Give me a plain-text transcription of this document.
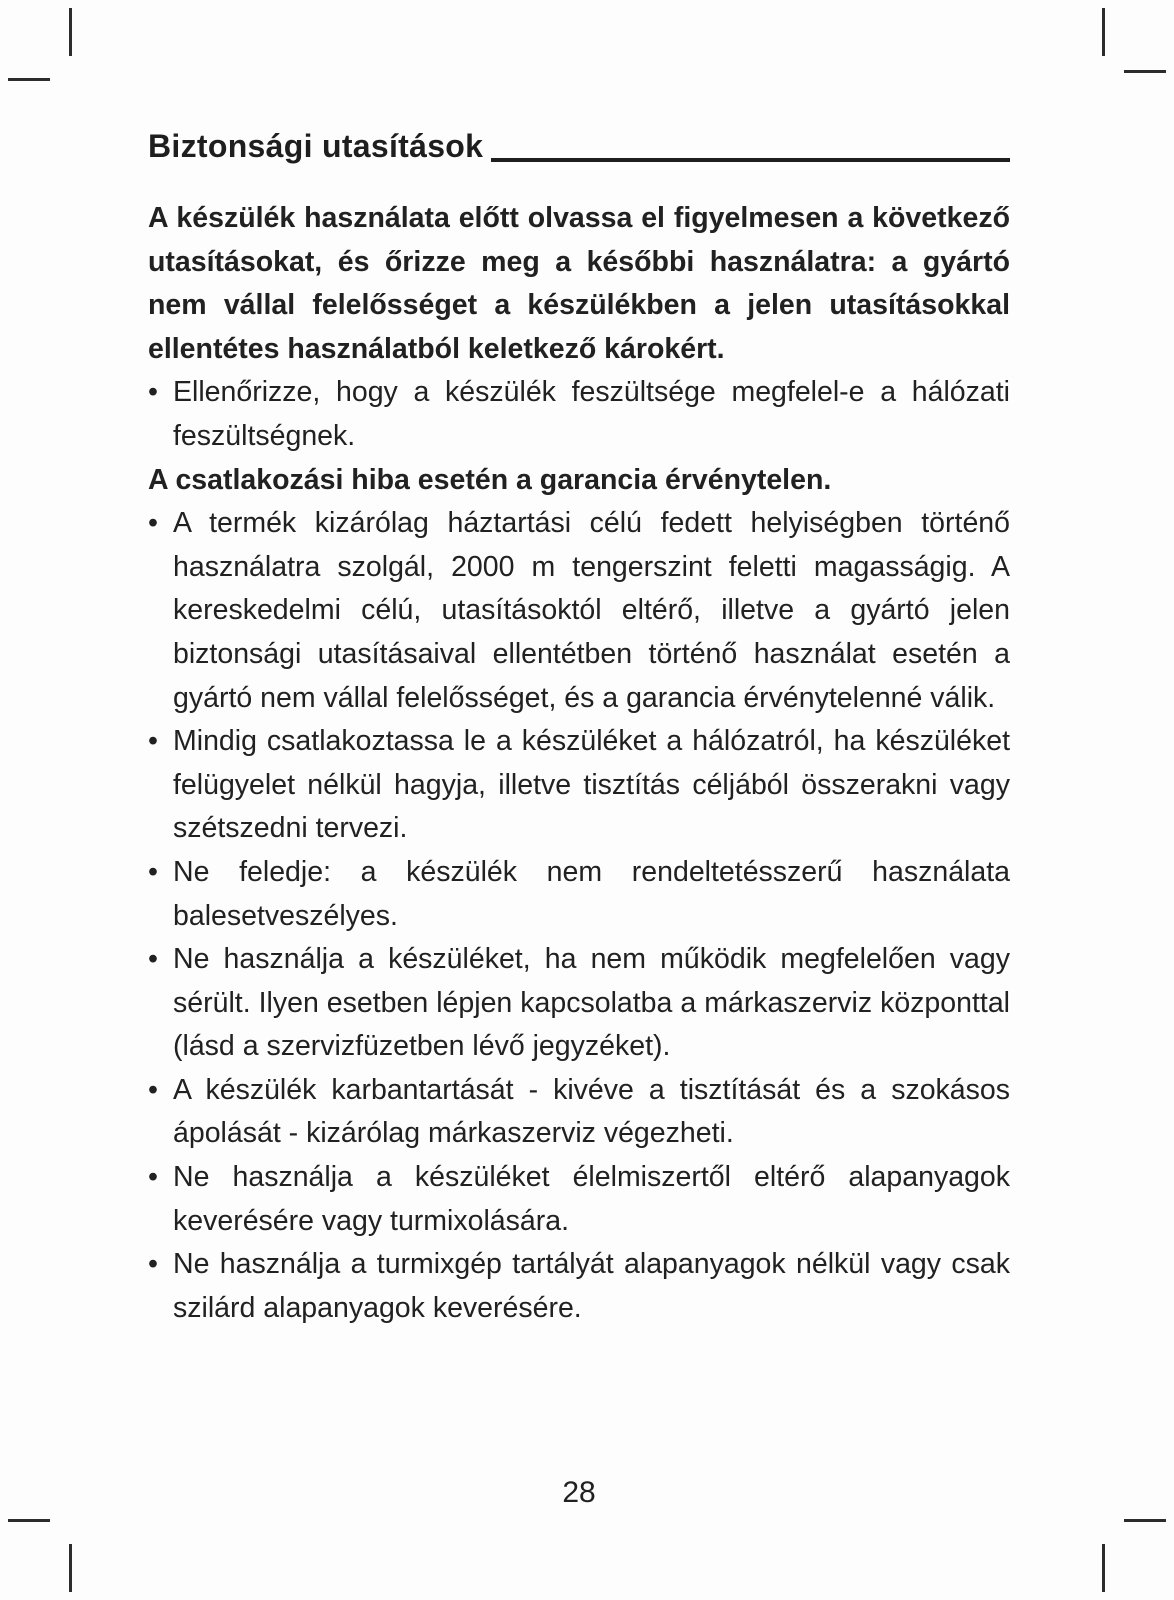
Biztonsági utasítások

A készülék használata előtt olvassa el figyelmesen a következő utasításokat, és őrizze meg a későbbi használatra: a gyártó nem vállal felelősséget a készülékben a jelen utasításokkal ellentétes használatból keletkező károkért.

• Ellenőrizze, hogy a készülék feszültsége megfelel-e a hálózati feszültségnek.

A csatlakozási hiba esetén a garancia érvénytelen.

• A termék kizárólag háztartási célú fedett helyiségben történő használatra szolgál, 2000 m tengerszint feletti magasságig. A kereskedelmi célú, utasításoktól eltérő, illetve a gyártó jelen biztonsági utasításaival ellentétben történő használat esetén a gyártó nem vállal felelősséget, és a garancia érvénytelenné válik.

• Mindig csatlakoztassa le a készüléket a hálózatról, ha készüléket felügyelet nélkül hagyja, illetve tisztítás céljából összerakni vagy szétszedni tervezi.

• Ne feledje: a készülék nem rendeltetésszerű használata balesetveszélyes.

• Ne használja a készüléket, ha nem működik megfelelően vagy sérült. Ilyen esetben lépjen kapcsolatba a márkaszerviz központtal (lásd a szervizfüzetben lévő jegyzéket).

• A készülék karbantartását - kivéve a tisztítását és a szokásos ápolását - kizárólag márkaszerviz végezheti.

• Ne használja a készüléket élelmiszertől eltérő alapanyagok keverésére vagy turmixolására.

• Ne használja a turmixgép tartályát alapanyagok nélkül vagy csak szilárd alapanyagok keverésére.

28
